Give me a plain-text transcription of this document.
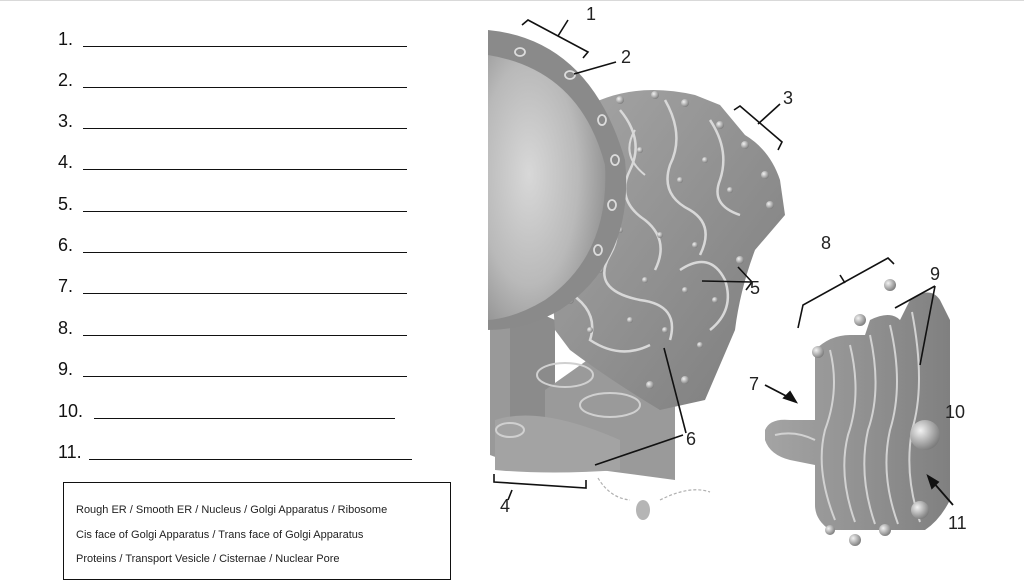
1.
2.
3.
4.
5.
6.
7.
8.
9.
10.
11.
Rough ER / Smooth ER / Nucleus / Golgi Apparatus / Ribosome
Cis face of Golgi Apparatus / Trans face of Golgi Apparatus
Proteins / Transport Vesicle / Cisternae / Nuclear Pore
1
2
3
4
5
6
7
8
9
10
11
